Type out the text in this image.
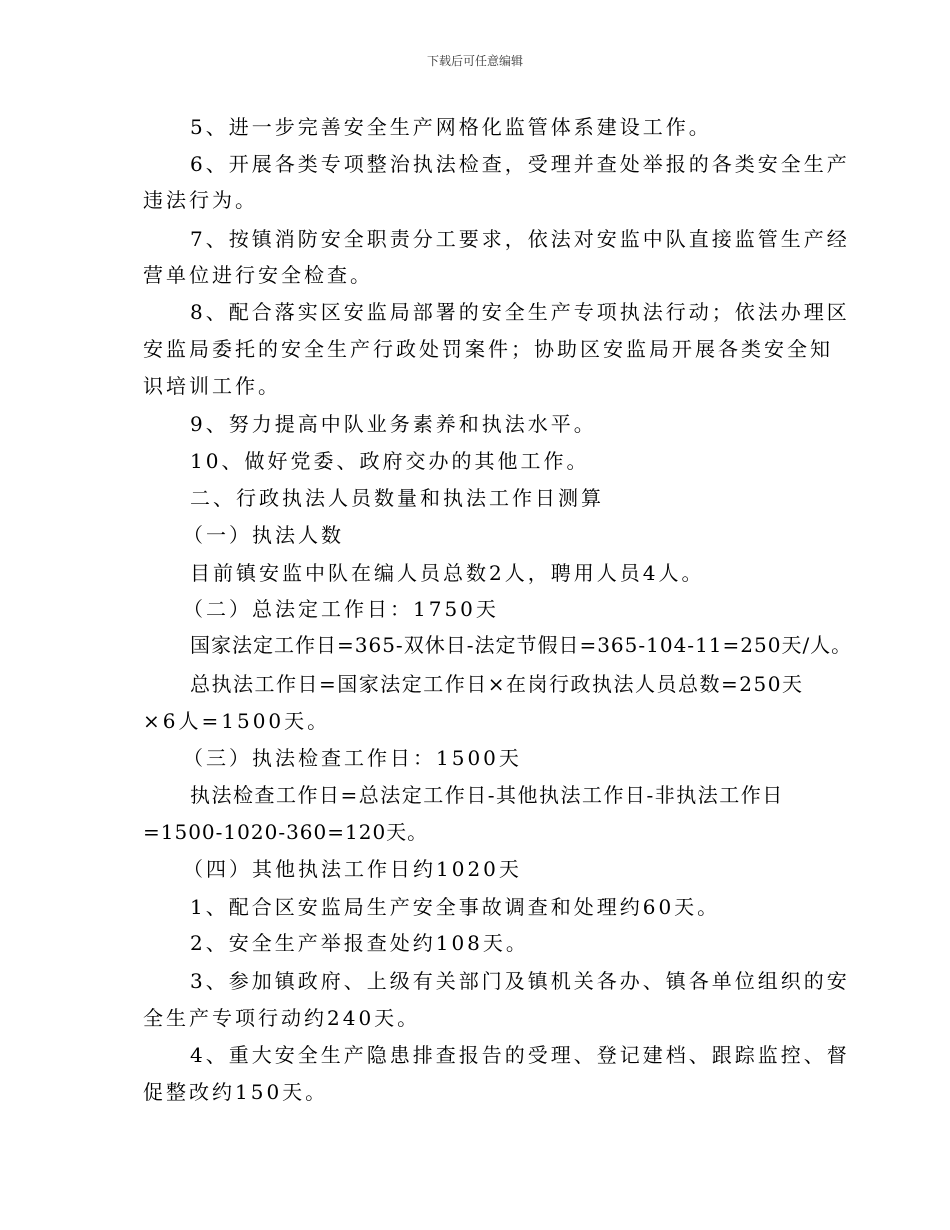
下载后可任意编辑
5、进一步完善安全生产网格化监管体系建设工作。
6、开展各类专项整治执法检查，受理并查处举报的各类安全生产
违法行为。
7、按镇消防安全职责分工要求，依法对安监中队直接监管生产经
营单位进行安全检查。
8、配合落实区安监局部署的安全生产专项执法行动；依法办理区
安监局委托的安全生产行政处罚案件；协助区安监局开展各类安全知
识培训工作。
9、努力提高中队业务素养和执法水平。
10、做好党委、政府交办的其他工作。
二、行政执法人员数量和执法工作日测算
（一）执法人数
目前镇安监中队在编人员总数2人，聘用人员4人。
（二）总法定工作日：1750天
国家法定工作日=365-双休日-法定节假日=365-104-11=250天/人。
总执法工作日=国家法定工作日×在岗行政执法人员总数=250天
×6人=1500天。
（三）执法检查工作日：1500天
执法检查工作日=总法定工作日-其他执法工作日-非执法工作日
=1500-1020-360=120天。
（四）其他执法工作日约1020天
1、配合区安监局生产安全事故调查和处理约60天。
2、安全生产举报查处约108天。
3、参加镇政府、上级有关部门及镇机关各办、镇各单位组织的安
全生产专项行动约240天。
4、重大安全生产隐患排查报告的受理、登记建档、跟踪监控、督
促整改约150天。
